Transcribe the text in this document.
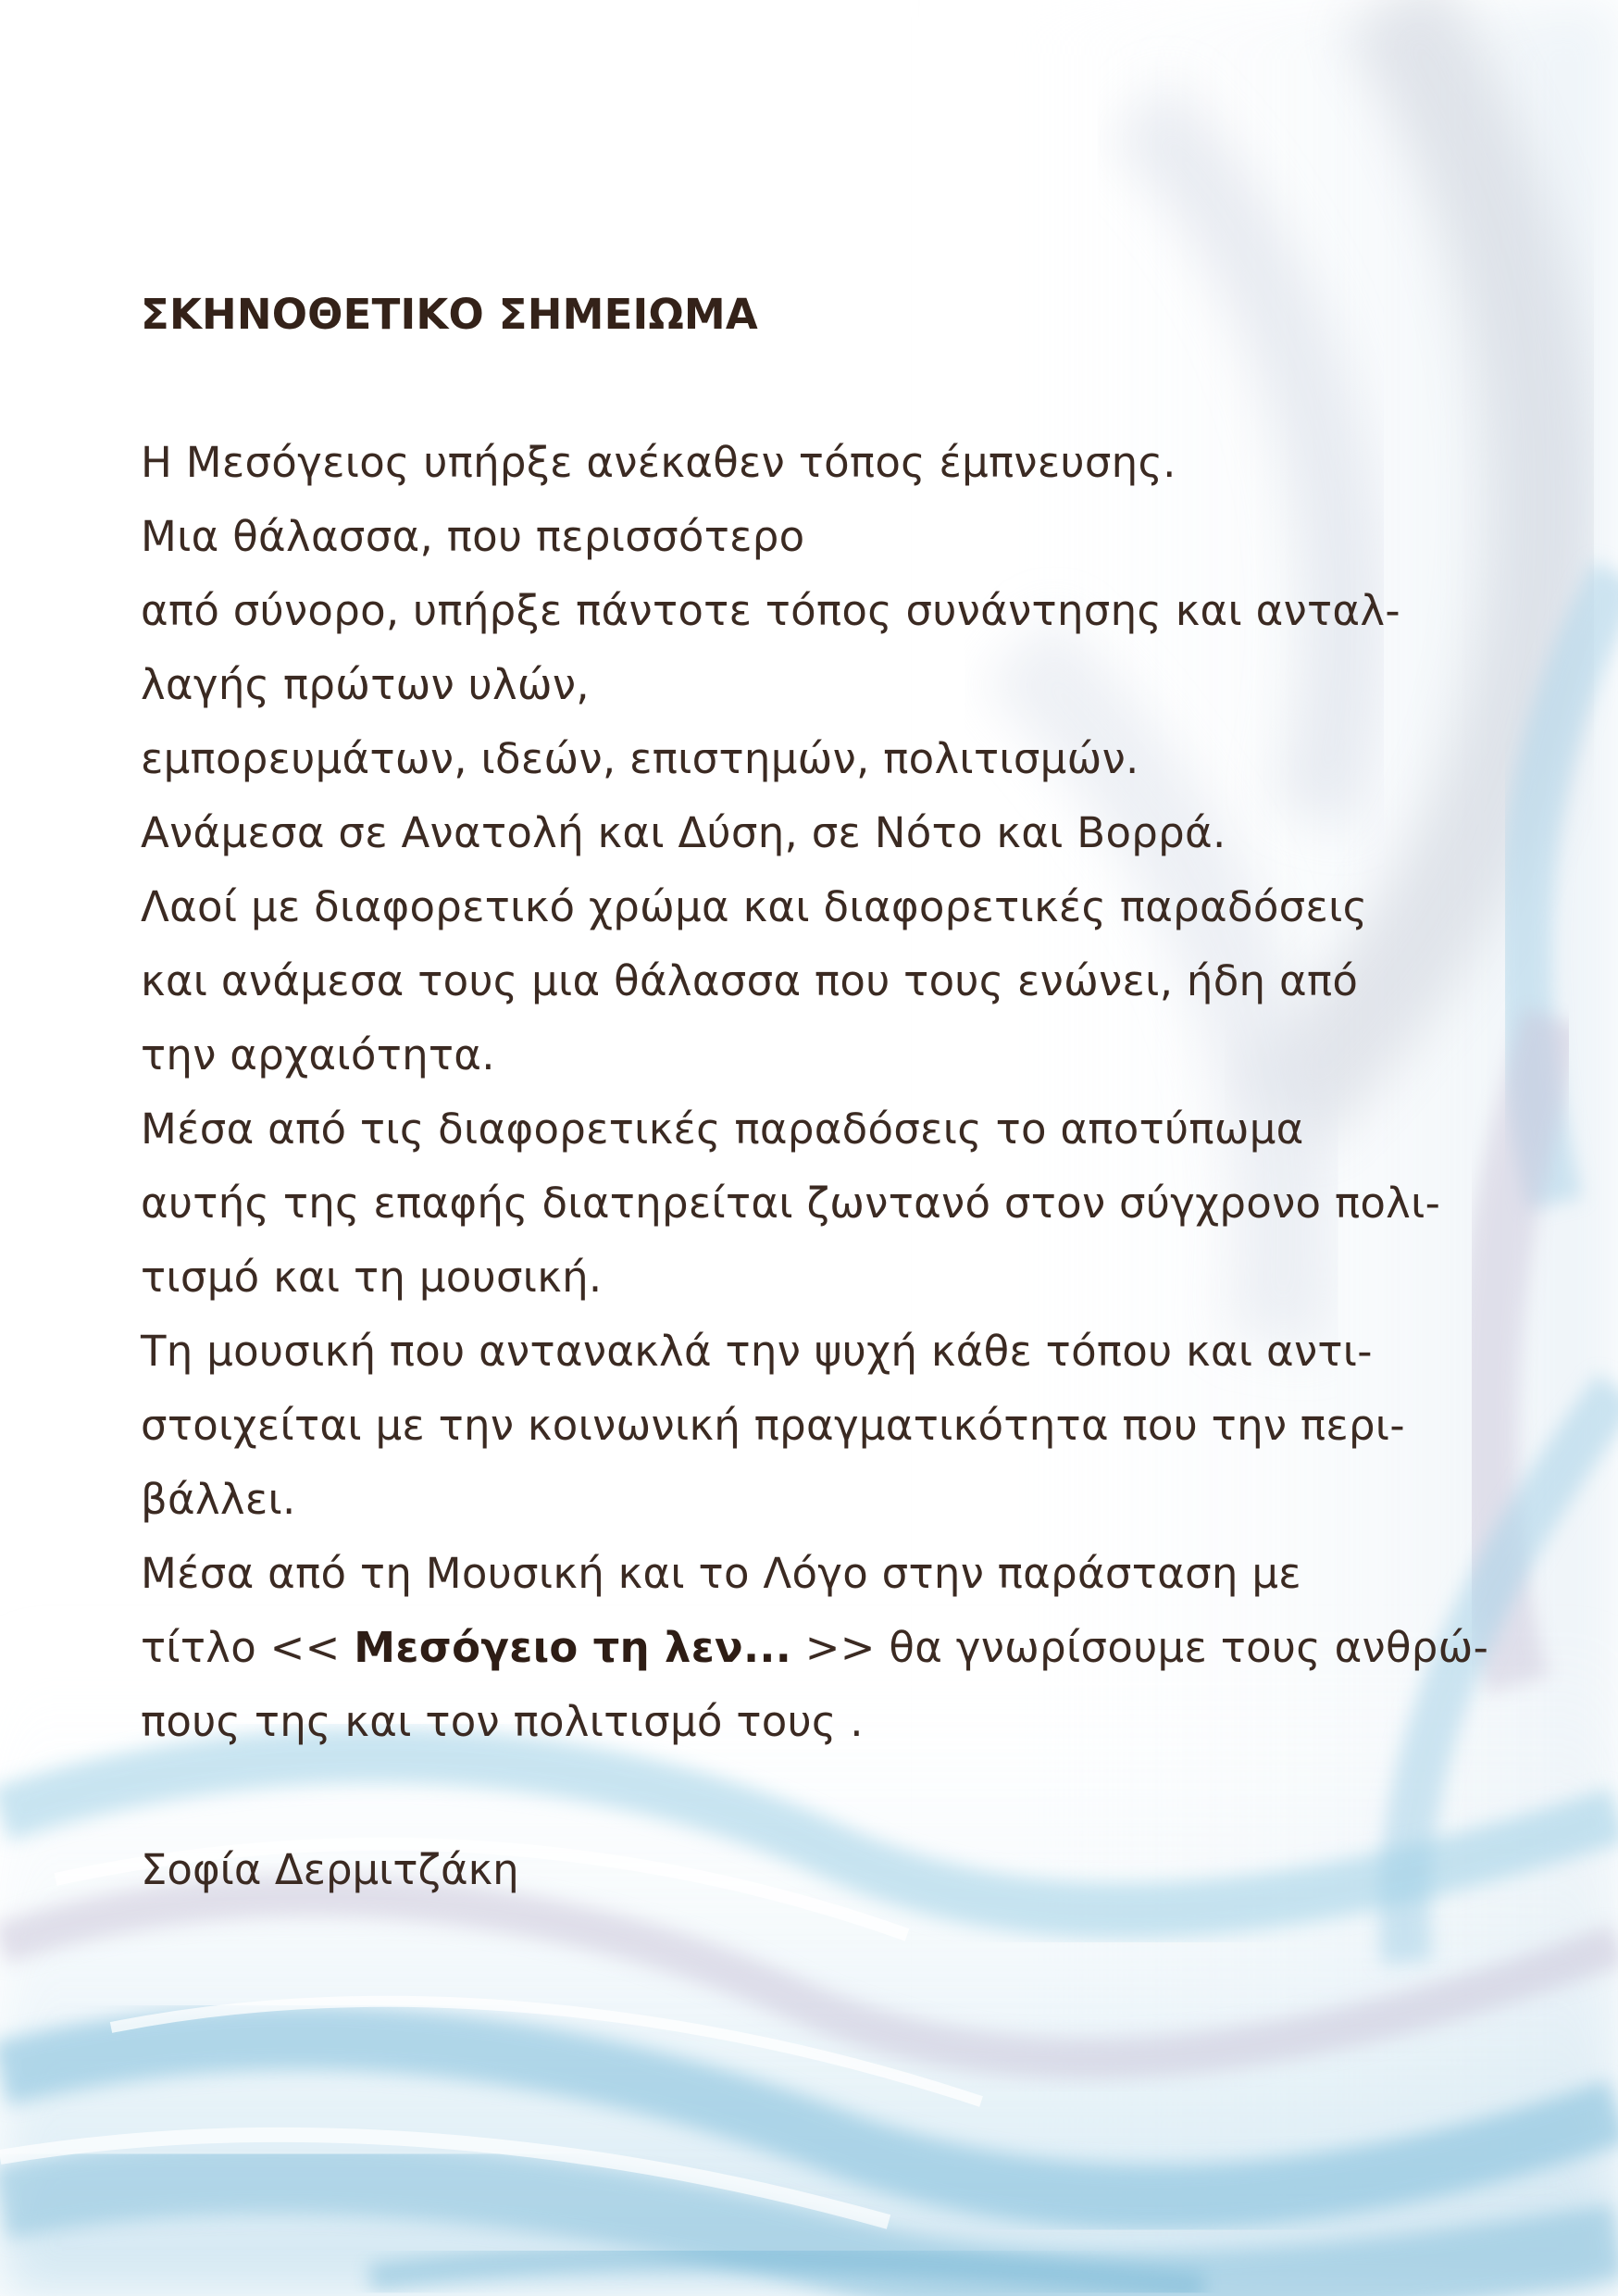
ΣΚΗΝΟΘΕΤΙΚΟ ΣΗΜΕΙΩΜΑ

Η Μεσόγειος υπήρξε ανέκαθεν τόπος έμπνευσης.

Μια θάλασσα, που περισσότερο

από σύνορο, υπήρξε πάντοτε τόπος συνάντησης και ανταλ-

λαγής πρώτων υλών,

εμπορευμάτων, ιδεών, επιστημών, πολιτισμών.

Ανάμεσα σε Ανατολή και Δύση, σε Νότο και Βορρά.

Λαοί με διαφορετικό χρώμα και διαφορετικές παραδόσεις

και ανάμεσα τους μια θάλασσα που τους ενώνει, ήδη από

την αρχαιότητα.

Μέσα από τις διαφορετικές παραδόσεις το αποτύπωμα

αυτής της επαφής διατηρείται ζωντανό στον σύγχρονο πολι-

τισμό και τη μουσική.

Τη μουσική που αντανακλά την ψυχή κάθε τόπου και αντι-

στοιχείται με την κοινωνική πραγματικότητα που την περι-

βάλλει.

Μέσα από τη Μουσική και το Λόγο στην παράσταση με

τίτλο << Μεσόγειο τη λεν... >> θα γνωρίσουμε τους ανθρώ-

πους της και τον πολιτισμό τους .

Σοφία Δερμιτζάκη
